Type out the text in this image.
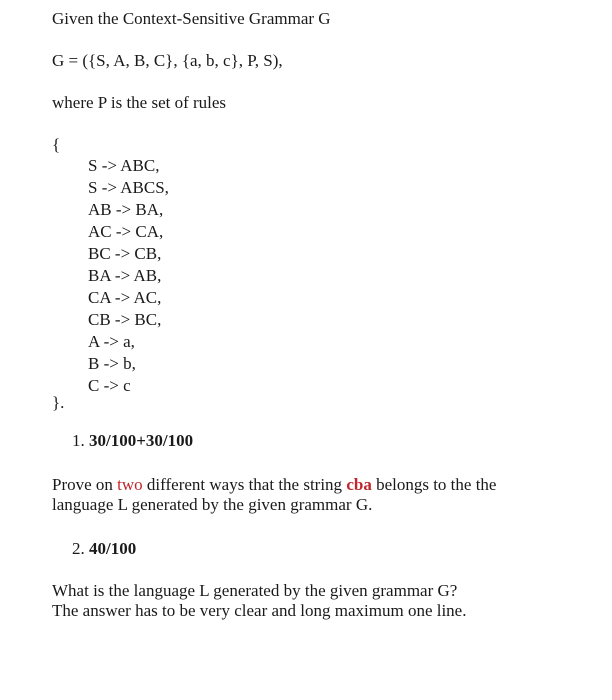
Given the Context-Sensitive Grammar G
G = ({S, A, B, C}, {a, b, c}, P, S),
where P is the set of rules
{
S -> ABC,
S -> ABCS,
AB -> BA,
AC -> CA,
BC -> CB,
BA -> AB,
CA -> AC,
CB -> BC,
A -> a,
B -> b,
C -> c
}.
1. 30/100+30/100
Prove on two different ways that the string cba belongs to the the
language L generated by the given grammar G.
2. 40/100
What is the language L generated by the given grammar G?
The answer has to be very clear and long maximum one line.
